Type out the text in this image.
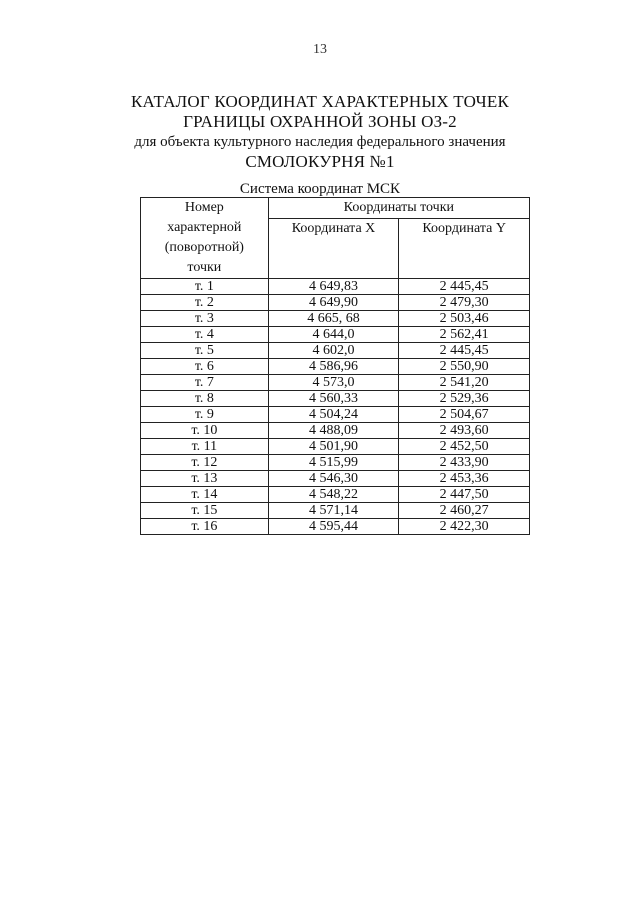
13
КАТАЛОГ КООРДИНАТ ХАРАКТЕРНЫХ ТОЧЕК
ГРАНИЦЫ ОХРАННОЙ ЗОНЫ ОЗ-2
для объекта культурного наследия федерального значения
СМОЛОКУРНЯ №1
Система координат МСК
Номер
характерной
(поворотной)
точки	Координаты точки	
	Координата X	Координата Y
т. 1	4 649,83	2 445,45
т. 2	4 649,90	2 479,30
т. 3	4 665, 68	2 503,46
т. 4	4 644,0	2 562,41
т. 5	4 602,0	2 445,45
т. 6	4 586,96	2 550,90
т. 7	4 573,0	2 541,20
т. 8	4 560,33	2 529,36
т. 9	4 504,24	2 504,67
т. 10	4 488,09	2 493,60
т. 11	4 501,90	2 452,50
т. 12	4 515,99	2 433,90
т. 13	4 546,30	2 453,36
т. 14	4 548,22	2 447,50
т. 15	4 571,14	2 460,27
т. 16	4 595,44	2 422,30
